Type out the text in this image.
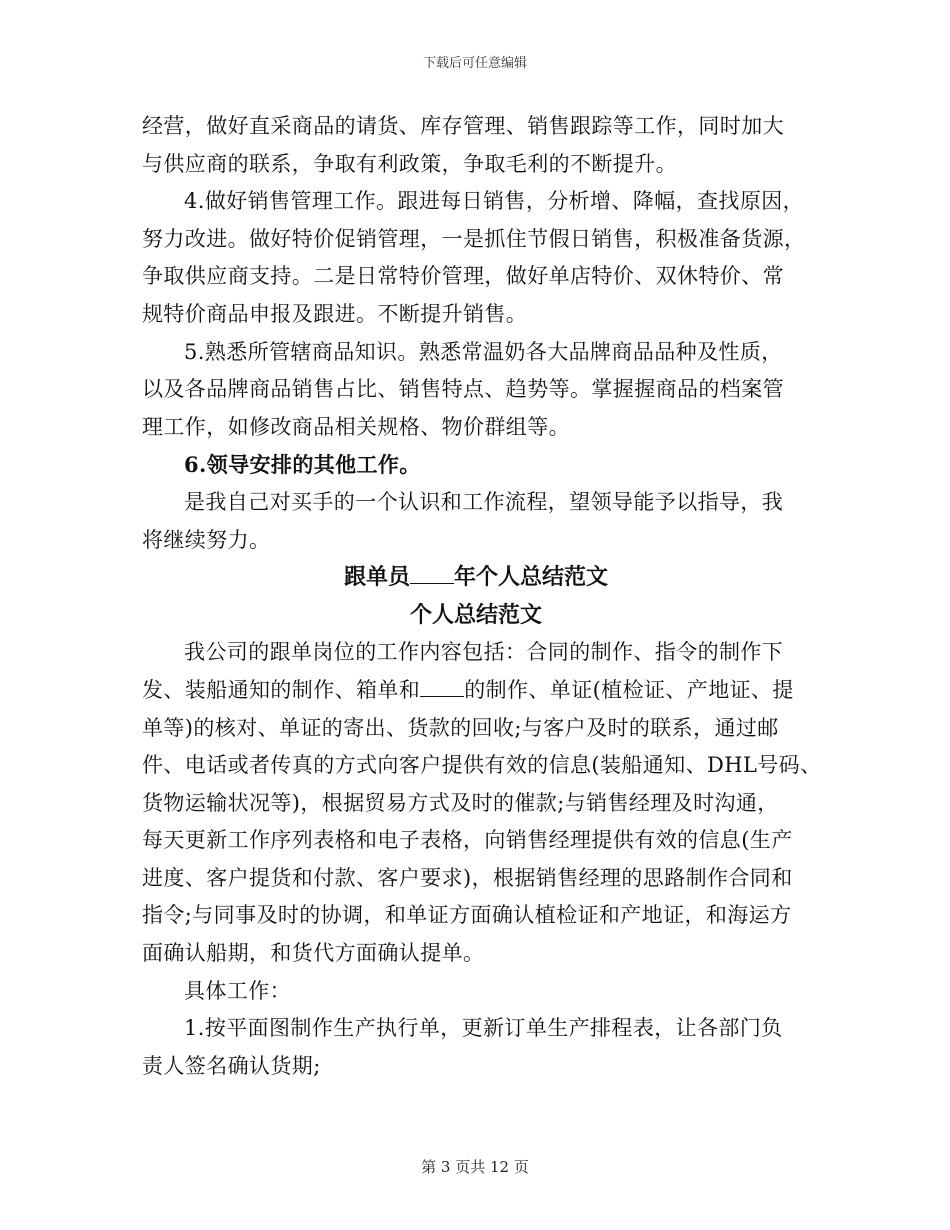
下载后可任意编辑

经营，做好直采商品的请货、库存管理、销售跟踪等工作，同时加大
与供应商的联系，争取有利政策，争取毛利的不断提升。

4.做好销售管理工作。跟进每日销售，分析增、降幅，查找原因，
努力改进。做好特价促销管理，一是抓住节假日销售，积极准备货源，
争取供应商支持。二是日常特价管理，做好单店特价、双休特价、常
规特价商品申报及跟进。不断提升销售。

5.熟悉所管辖商品知识。熟悉常温奶各大品牌商品品种及性质，
以及各品牌商品销售占比、销售特点、趋势等。掌握握商品的档案管
理工作，如修改商品相关规格、物价群组等。

6.领导安排的其他工作。

是我自己对买手的一个认识和工作流程，望领导能予以指导，我
将继续努力。

跟单员 年个人总结范文

个人总结范文

我公司的跟单岗位的工作内容包括：合同的制作、指令的制作下
发、装船通知的制作、箱单和 的制作、单证(植检证、产地证、提
单等)的核对、单证的寄出、货款的回收;与客户及时的联系，通过邮
件、电话或者传真的方式向客户提供有效的信息(装船通知、DHL号码、
货物运输状况等)，根据贸易方式及时的催款;与销售经理及时沟通，
每天更新工作序列表格和电子表格，向销售经理提供有效的信息(生产
进度、客户提货和付款、客户要求)，根据销售经理的思路制作合同和
指令;与同事及时的协调，和单证方面确认植检证和产地证，和海运方
面确认船期，和货代方面确认提单。

具体工作：

1.按平面图制作生产执行单，更新订单生产排程表，让各部门负
责人签名确认货期;

第 3 页共 12 页
